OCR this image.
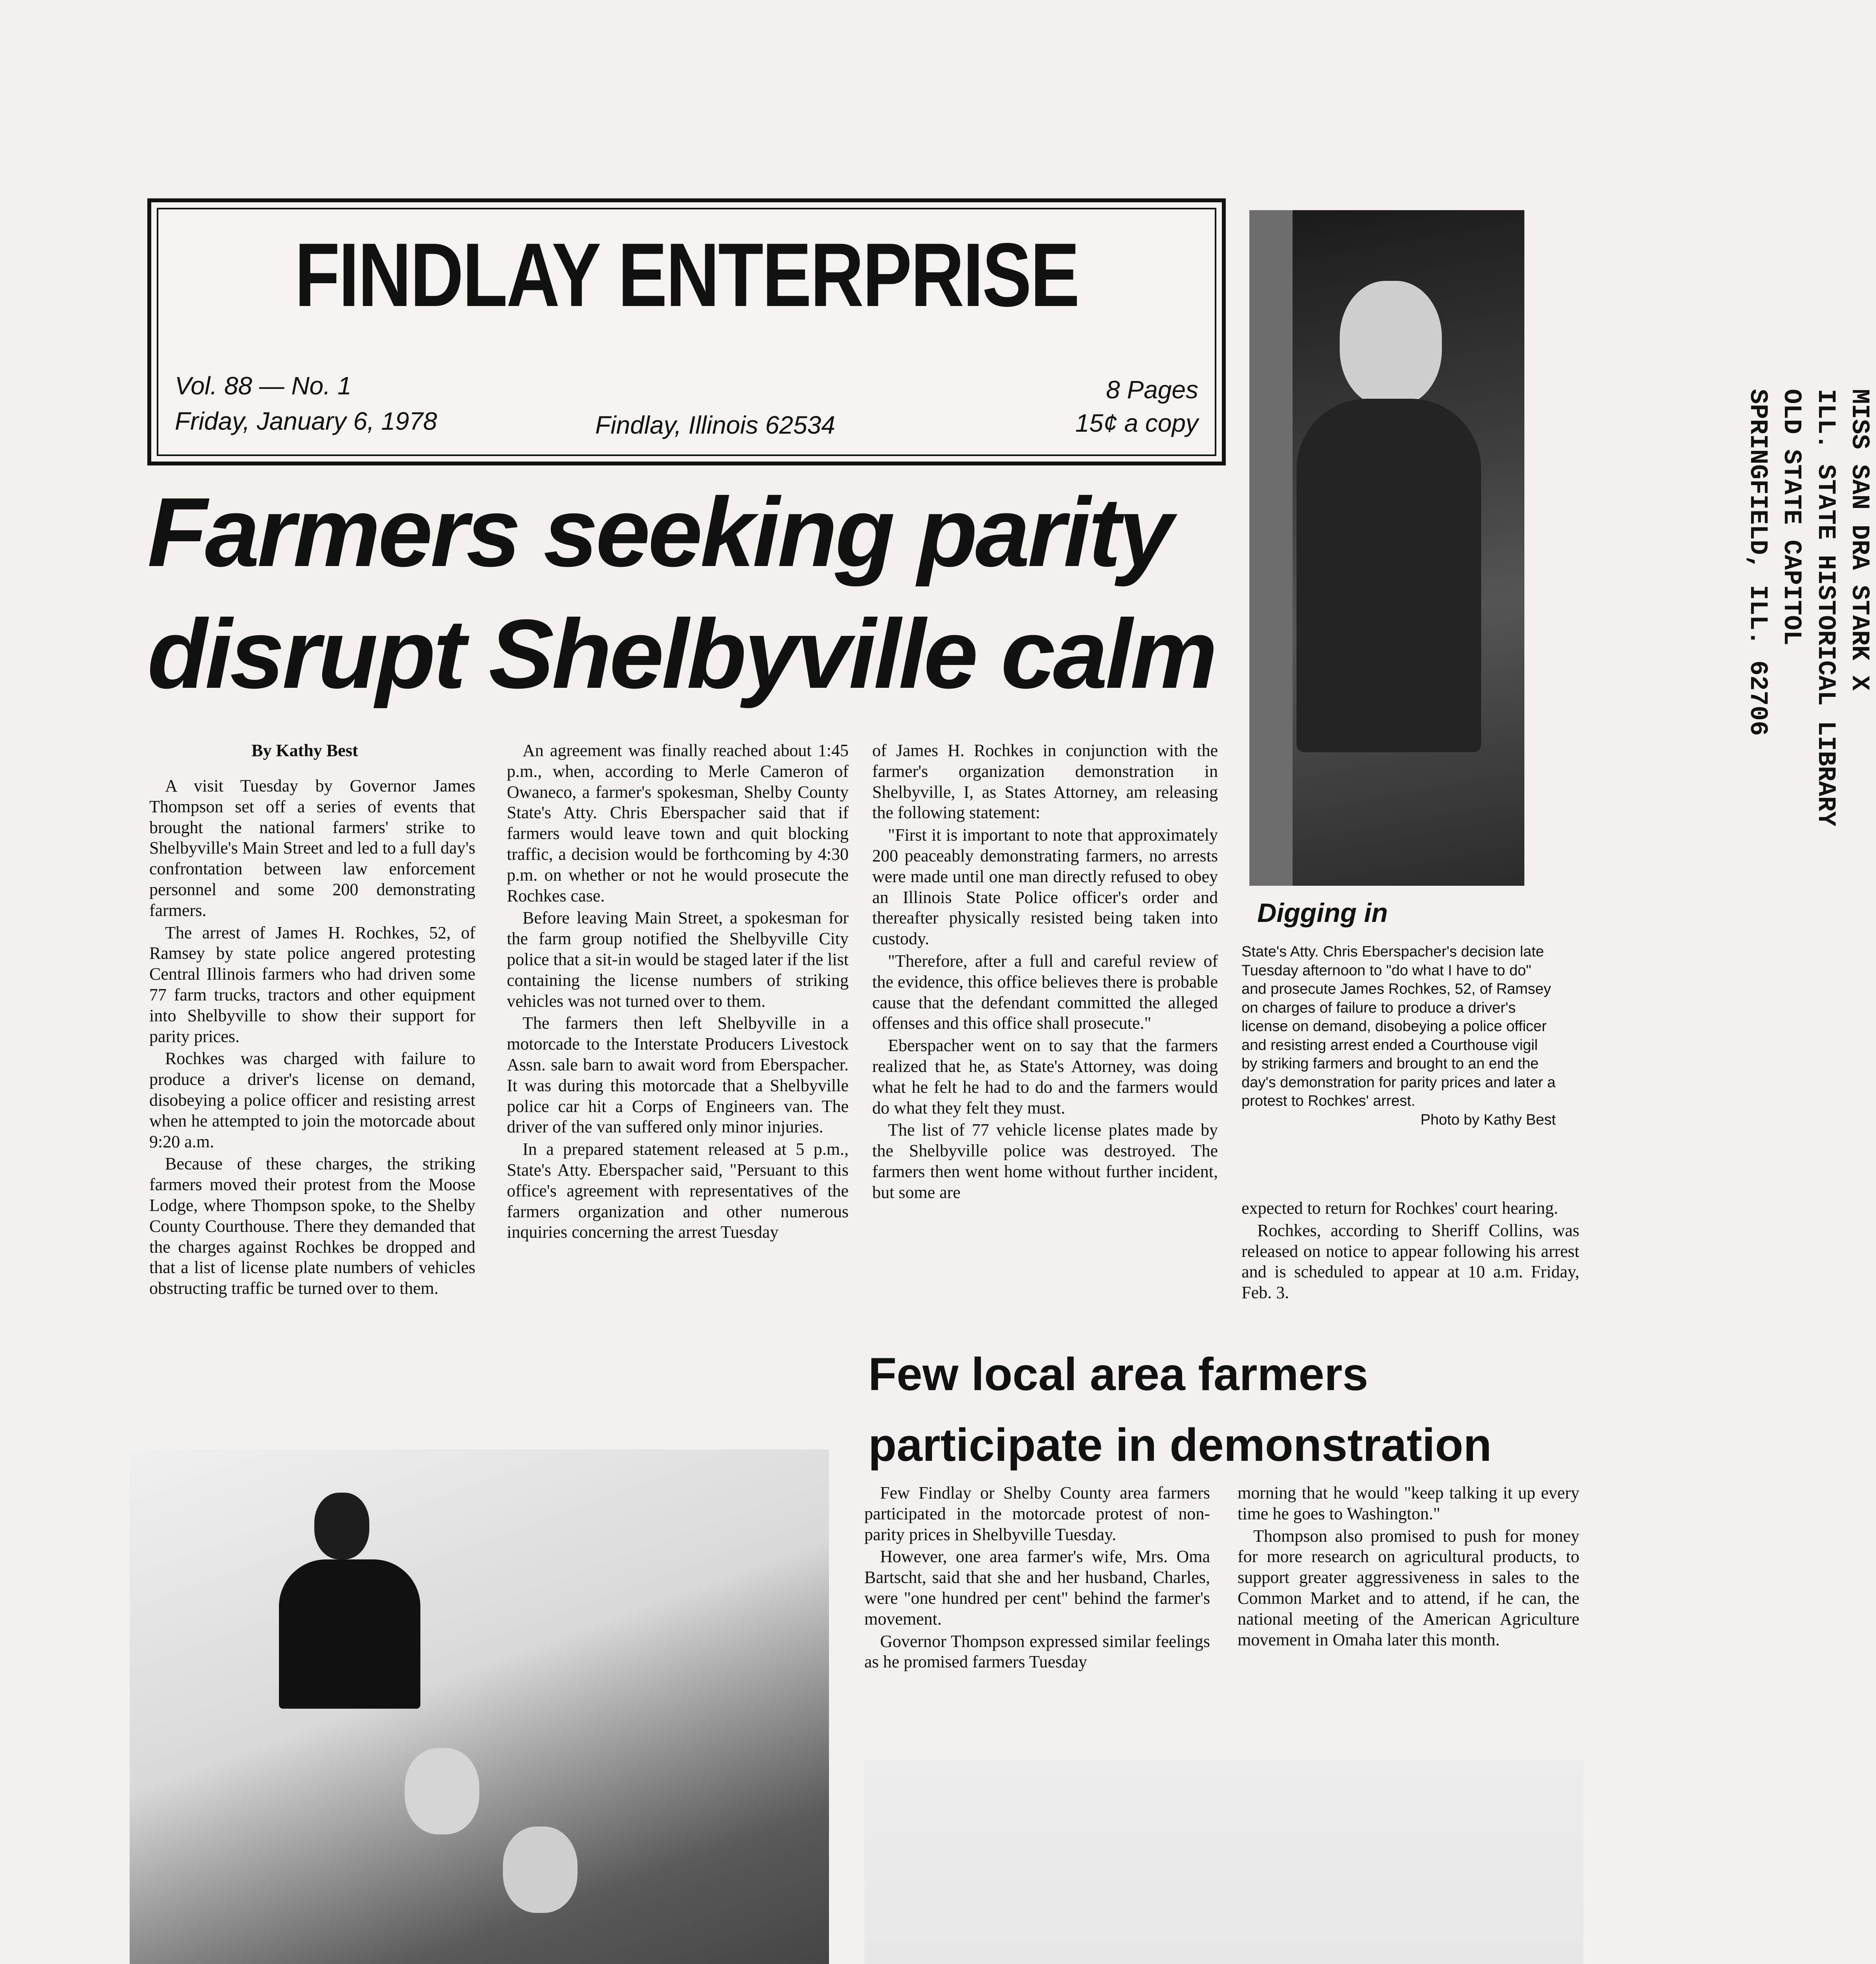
FINDLAY ENTERPRISE
Vol. 88 — No. 1
Friday, January 6, 1978	Findlay, Illinois 62534
8 Pages
15¢ a copy	MISS SAN DRA STARK X
ILL. STATE HISTORICAL LIBRARY
OLD STATE CAPITOL
SPRINGFIELD, ILL. 62706
Farmers seeking parity
disrupt Shelbyville calm
By Kathy Best

A visit Tuesday by Governor James Thompson set off a series of events that brought the national farmers' strike to Shelbyville's Main Street and led to a full day's confrontation between law enforcement personnel and some 200 demonstrating farmers.

The arrest of James H. Rochkes, 52, of Ramsey by state police angered protesting Central Illinois farmers who had driven some 77 farm trucks, tractors and other equipment into Shelbyville to show their support for parity prices.

Rochkes was charged with failure to produce a driver's license on demand, disobeying a police officer and resisting arrest when he attempted to join the motorcade about 9:20 a.m.

Because of these charges, the striking farmers moved their protest from the Moose Lodge, where Thompson spoke, to the Shelby County Courthouse. There they demanded that the charges against Rochkes be dropped and that a list of license plate numbers of vehicles obstructing traffic be turned over to them.

An agreement was finally reached about 1:45 p.m., when, according to Merle Cameron of Owaneco, a farmer's spokesman, Shelby County State's Atty. Chris Eberspacher said that if farmers would leave town and quit blocking traffic, a decision would be forthcoming by 4:30 p.m. on whether or not he would prosecute the Rochkes case.

Before leaving Main Street, a spokesman for the farm group notified the Shelbyville City police that a sit-in would be staged later if the list containing the license numbers of striking vehicles was not turned over to them.

The farmers then left Shelbyville in a motorcade to the Interstate Producers Livestock Assn. sale barn to await word from Eberspacher. It was during this motorcade that a Shelbyville police car hit a Corps of Engineers van. The driver of the van suffered only minor injuries.

In a prepared statement released at 5 p.m., State's Atty. Eberspacher said, "Persuant to this office's agreement with representatives of the farmers organization and other numerous inquiries concerning the arrest Tuesday

of James H. Rochkes in conjunction with the farmer's organization demonstration in Shelbyville, I, as States Attorney, am releasing the following statement:

"First it is important to note that approximately 200 peaceably demonstrating farmers, no arrests were made until one man directly refused to obey an Illinois State Police officer's order and thereafter physically resisted being taken into custody.

"Therefore, after a full and careful review of the evidence, this office believes there is probable cause that the defendant committed the alleged offenses and this office shall prosecute."

Eberspacher went on to say that the farmers realized that he, as State's Attorney, was doing what he felt he had to do and the farmers would do what they felt they must.

The list of 77 vehicle license plates made by the Shelbyville police was destroyed. The farmers then went home without further incident, but some are

Digging in

State's Atty. Chris Eberspacher's decision late Tuesday afternoon to "do what I have to do" and prosecute James Rochkes, 52, of Ramsey on charges of failure to produce a driver's license on demand, disobeying a police officer and resisting arrest ended a Courthouse vigil by striking farmers and brought to an end the day's demonstration for parity prices and later a protest to Rochkes' arrest.

Photo by Kathy Best

expected to return for Rochkes' court hearing.

Rochkes, according to Sheriff Collins, was released on notice to appear following his arrest and is scheduled to appear at 10 a.m. Friday, Feb. 3.

Few local area farmers
participate in demonstration

Few Findlay or Shelby County area farmers participated in the motorcade protest of non-parity prices in Shelbyville Tuesday.

However, one area farmer's wife, Mrs. Oma Bartscht, said that she and her husband, Charles, were "one hundred per cent" behind the farmer's movement.

Governor Thompson expressed similar feelings as he promised farmers Tuesday

morning that he would "keep talking it up every time he goes to Washington."

Thompson also promised to push for money for more research on agricultural products, to support greater aggressiveness in sales to the Common Market and to attend, if he can, the national meeting of the American Agriculture movement in Omaha later this month.
